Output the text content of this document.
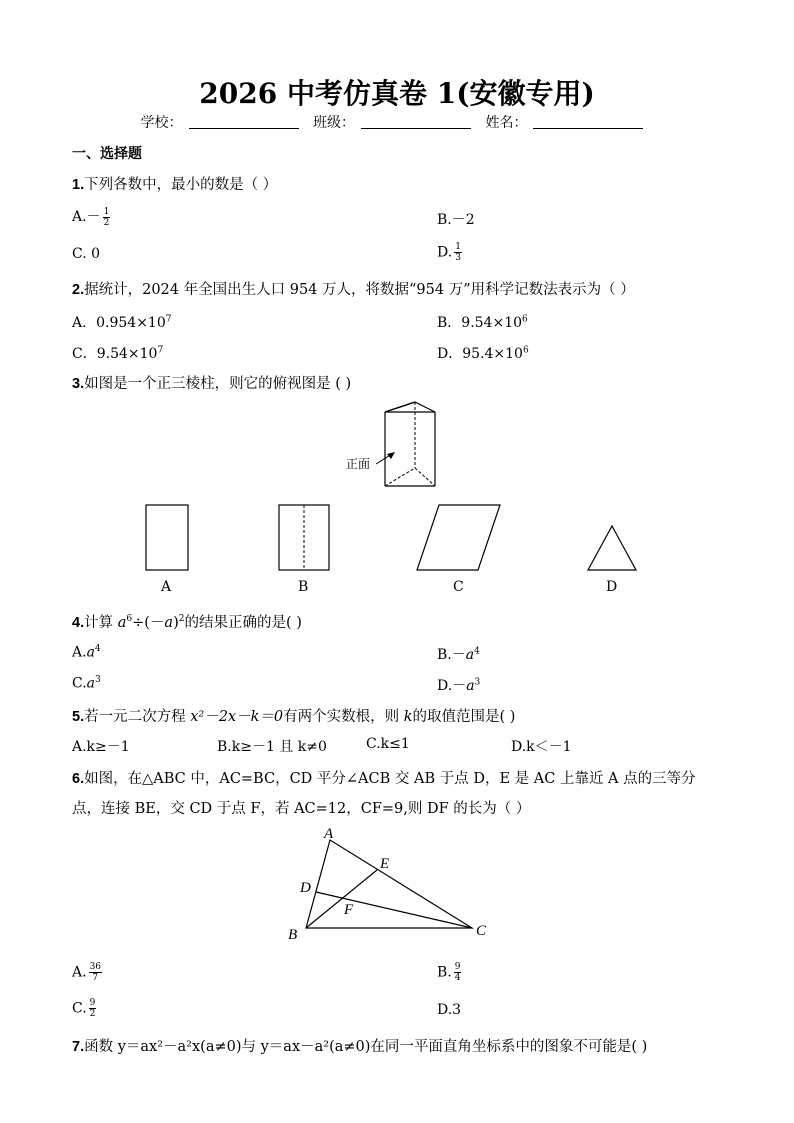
2026 中考仿真卷 1(安徽专用)
学校：	班级：	姓名：
一、选择题
1.下列各数中，最小的数是（ ）
$A.- \frac{1}{2}$	B.－2
C. 0	D. $\frac{1}{3}$
2.据统计，2024 年全国出生人口 954 万人，将数据“954 万”用科学记数法表示为（ ）
A．$0.954\times 10^7$	B．$9.54\times 10^6$
C．$9.54\times 10^7$	D．$95.4\times 10^6$
3.如图是一个正三棱柱，则它的俯视图是 ( )
正面
A	B	C	D
4.计算 $a^6\div(-a)^2$的结果正确的是( )
$A.a^4$	$B.-a^4$
$C.a^3$	$D.-a^3$
5.若一元二次方程 x²－2x－k＝0有两个实数根，则 k的取值范围是( )
A.k≥－1	B.k≥－1 且 k≠0	C.k≤1	D.k＜－1
6.如图，在△ABC 中，AC=BC，CD 平分∠ACB 交 AB 于点 D，E 是 AC 上靠近 A 点的三等分
点，连接 BE，交 CD 于点 F，若 AC=12，CF=9,则 DF 的长为（ ）
A
B	C
D
E
F
A. $\frac{36}{7}$	B. $\frac{9}{4}$
C. $\frac{9}{2}$	D.3
7.函数 y＝ax²－a²x(a≠0)与 y＝ax－a²(a≠0)在同一平面直角坐标系中的图象不可能是( )
